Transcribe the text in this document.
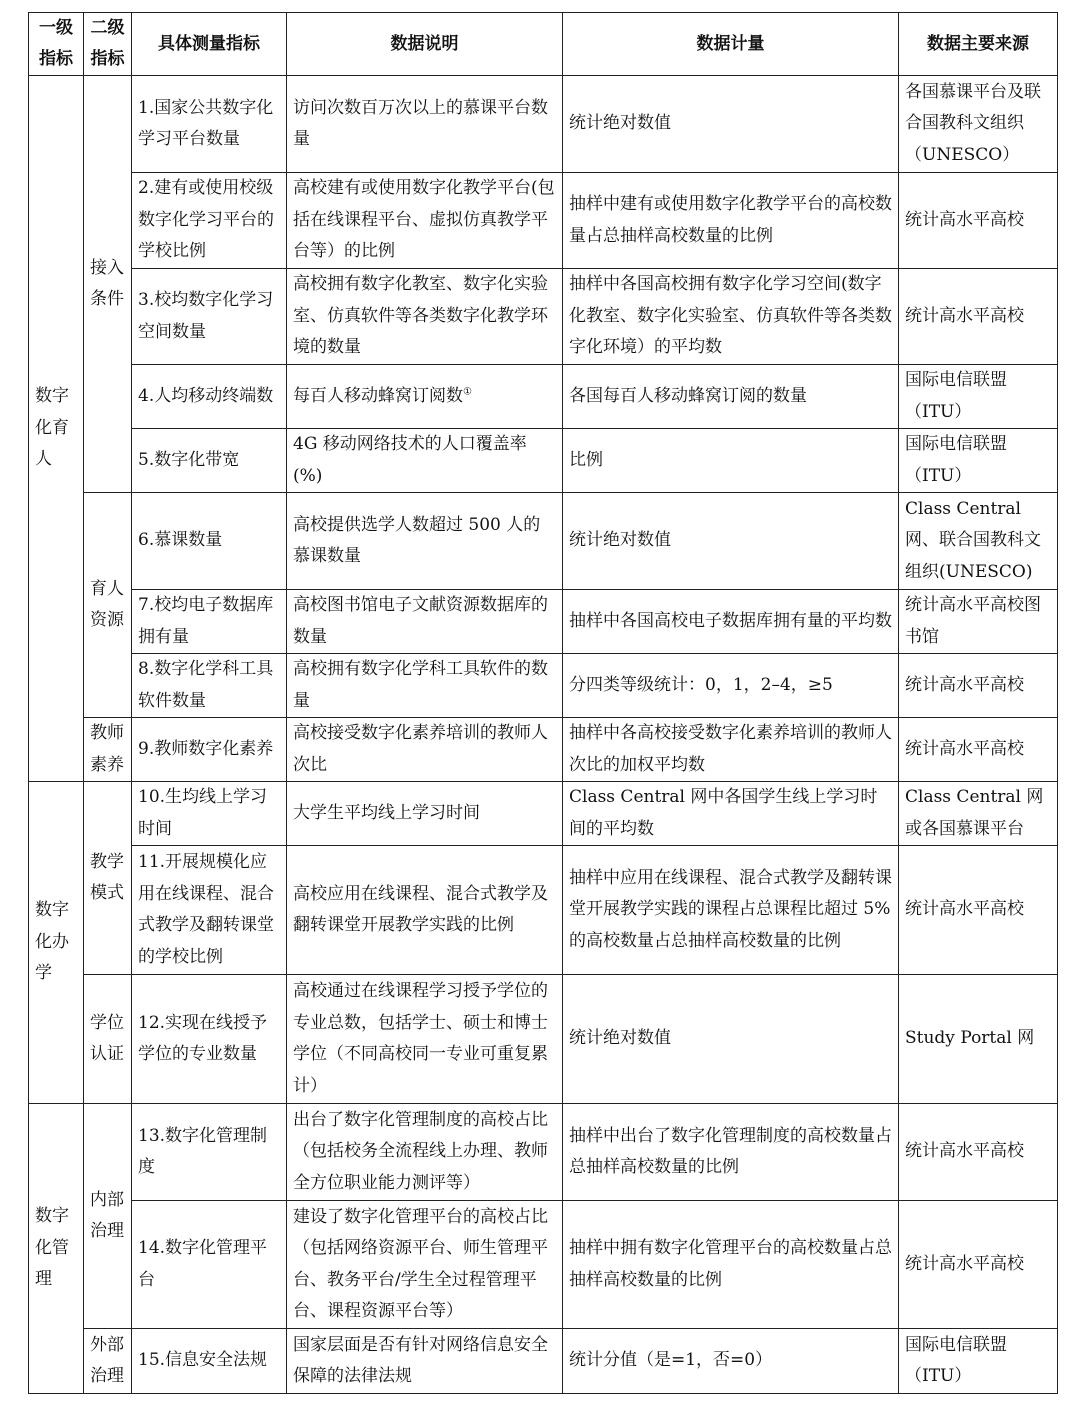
一级指标	二级指标	具体测量指标	数据说明	数据计量	数据主要来源
数字化育人	接入条件	1.国家公共数字化学习平台数量	访问次数百万次以上的慕课平台数量	统计绝对数值	各国慕课平台及联合国教科文组织（UNESCO）
		2.建有或使用校级数字化学习平台的学校比例	高校建有或使用数字化教学平台(包括在线课程平台、虚拟仿真教学平台等）的比例	抽样中建有或使用数字化教学平台的高校数量占总抽样高校数量的比例	统计高水平高校
		3.校均数字化学习空间数量	高校拥有数字化教室、数字化实验室、仿真软件等各类数字化教学环境的数量	抽样中各国高校拥有数字化学习空间(数字化教室、数字化实验室、仿真软件等各类数字化环境）的平均数	统计高水平高校
		4.人均移动终端数	每百人移动蜂窝订阅数①	各国每百人移动蜂窝订阅的数量	国际电信联盟（ITU）
		5.数字化带宽	4G 移动网络技术的人口覆盖率(%)	比例	国际电信联盟（ITU）
	育人资源	6.慕课数量	高校提供选学人数超过 500 人的慕课数量	统计绝对数值	Class Central 网、联合国教科文组织(UNESCO)
		7.校均电子数据库拥有量	高校图书馆电子文献资源数据库的数量	抽样中各国高校电子数据库拥有量的平均数	统计高水平高校图书馆
		8.数字化学科工具软件数量	高校拥有数字化学科工具软件的数量	分四类等级统计：0，1，2–4，≥5	统计高水平高校
	教师素养	9.教师数字化素养	高校接受数字化素养培训的教师人次比	抽样中各高校接受数字化素养培训的教师人次比的加权平均数	统计高水平高校
数字化办学	教学模式	10.生均线上学习时间	大学生平均线上学习时间	Class Central 网中各国学生线上学习时间的平均数	Class Central 网或各国慕课平台
		11.开展规模化应用在线课程、混合式教学及翻转课堂的学校比例	高校应用在线课程、混合式教学及翻转课堂开展教学实践的比例	抽样中应用在线课程、混合式教学及翻转课堂开展教学实践的课程占总课程比超过 5%的高校数量占总抽样高校数量的比例	统计高水平高校
	学位认证	12.实现在线授予学位的专业数量	高校通过在线课程学习授予学位的专业总数，包括学士、硕士和博士学位（不同高校同一专业可重复累计）	统计绝对数值	Study Portal 网
数字化管理	内部治理	13.数字化管理制度	出台了数字化管理制度的高校占比（包括校务全流程线上办理、教师全方位职业能力测评等）	抽样中出台了数字化管理制度的高校数量占总抽样高校数量的比例	统计高水平高校
		14.数字化管理平台	建设了数字化管理平台的高校占比（包括网络资源平台、师生管理平台、教务平台/学生全过程管理平台、课程资源平台等）	抽样中拥有数字化管理平台的高校数量占总抽样高校数量的比例	统计高水平高校
	外部治理	15.信息安全法规	国家层面是否有针对网络信息安全保障的法律法规	统计分值（是=1，否=0）	国际电信联盟（ITU）
